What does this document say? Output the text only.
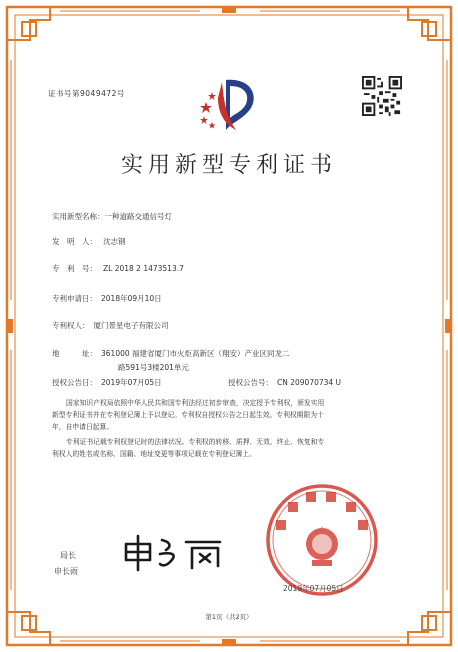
证书号第9049472号
实用新型专利证书
实用新型名称：一种道路交通信号灯
发　明　人： 沈志钢
专　利　号： ZL 2018 2 1473513.7
专利申请日： 2018年09月10日
专利权人： 厦门景星电子有限公司
地　　　址： 361000 福建省厦门市火炬高新区（翔安）产业区同龙二
路591号3楼201单元
授权公告日： 2019年07月05日	授权公告号： CN 209070734 U
国家知识产权局依照中华人民共和国专利法经过初步审查，决定授予专利权，颁发实用
新型专利证书并在专利登记簿上予以登记。专利权自授权公告之日起生效。专利权期限为十
年，自申请日起算。
专利证书记载专利权登记时的法律状况。专利权的转移、质押、无效、终止、恢复和专
利权人的姓名或名称、国籍、地址变更等事项记载在专利登记簿上。
局长
申长雨
2019年07月05日
第1页（共2页）
